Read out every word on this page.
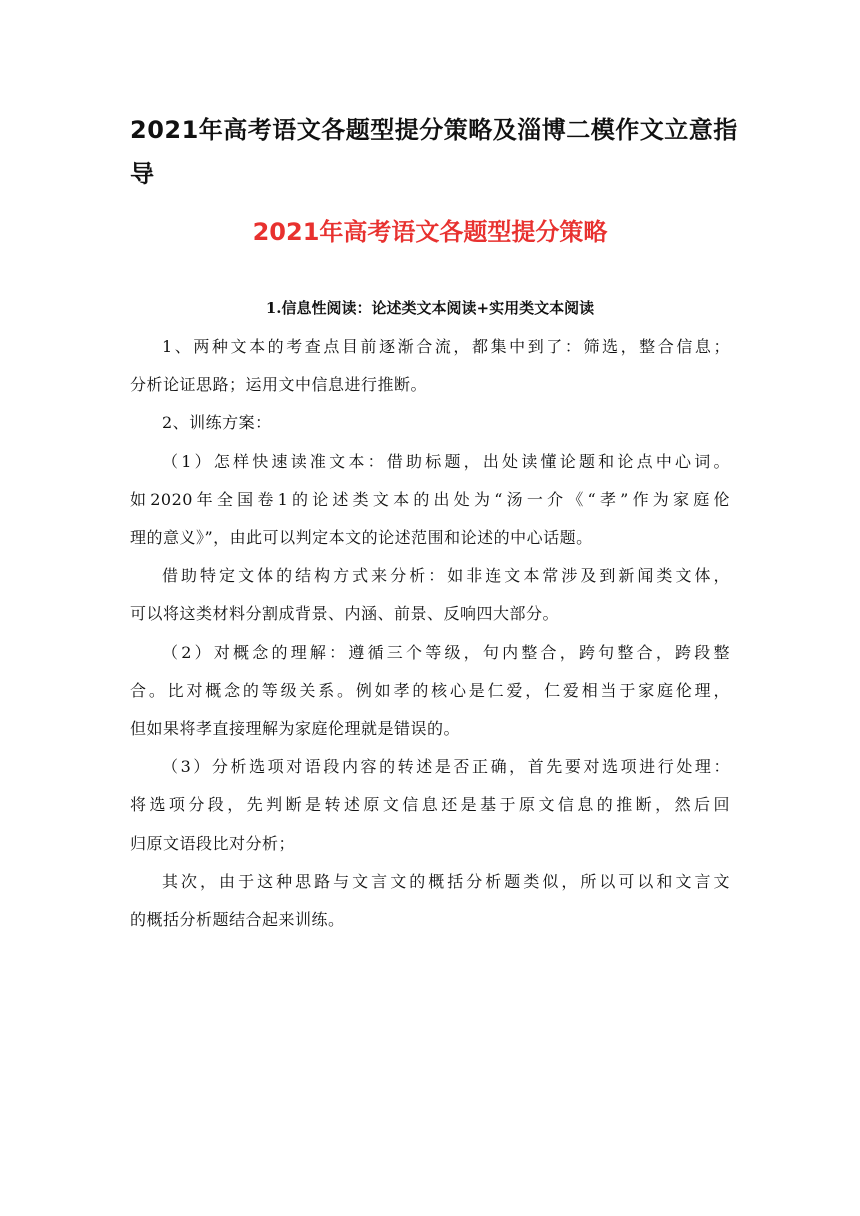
2021年高考语文各题型提分策略及淄博二模作文立意指导
2021年高考语文各题型提分策略
1.信息性阅读：论述类文本阅读+实用类文本阅读

1、两种文本的考查点目前逐渐合流，都集中到了：筛选，整合信息；
分析论证思路；运用文中信息进行推断。

2、训练方案：

（1）怎样快速读准文本：借助标题，出处读懂论题和论点中心词。
如2020年全国卷1的论述类文本的出处为“汤一介《“孝”作为家庭伦
理的意义》”，由此可以判定本文的论述范围和论述的中心话题。

借助特定文体的结构方式来分析：如非连文本常涉及到新闻类文体，
可以将这类材料分割成背景、内涵、前景、反响四大部分。

（2）对概念的理解：遵循三个等级，句内整合，跨句整合，跨段整
合。比对概念的等级关系。例如孝的核心是仁爱，仁爱相当于家庭伦理，
但如果将孝直接理解为家庭伦理就是错误的。

（3）分析选项对语段内容的转述是否正确，首先要对选项进行处理：
将选项分段，先判断是转述原文信息还是基于原文信息的推断，然后回
归原文语段比对分析；

其次，由于这种思路与文言文的概括分析题类似，所以可以和文言文
的概括分析题结合起来训练。
